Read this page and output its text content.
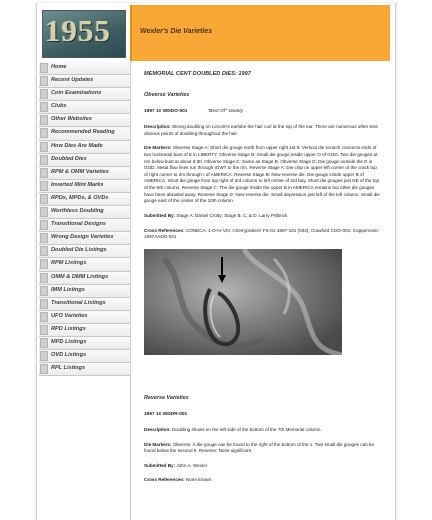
1955	Wexler's Die Varieties
Home
Recent Updates
Coin Examinations
Clubs
Other Websites
Recommended Reading
How Dies Are Made
Doubled Dies
RPM & OMM Varieties
Inverted Mint Marks
RPDs, MPDs, & OVDs
Worthless Doubling
Transitional Designs
Wrong Design Varieties
Doubled Die Listings
RPM Listings
OMM & DMM Listings
IMM Listings
Transitional Listings
UFO Varieties
RPD Listings
MPD Listings
OVD Listings
RPL Listings
MEMORIAL CENT DOUBLED DIES: 1997
Obverse Varieties
1997 1¢ WDDO-001	"Best Of" Variety
Description: Strong doubling on Lincoln's earlobe the hair curl at the top of the ear. There are numerous other less obvious points of doubling throughout the hair.
Die Markers: Obverse Stage A: Short die gouge north from upper right 1st 9. Vertical die scratch connects ends of two horizontal bars of E in LIBERTY. Obverse Stage B: Small die gouge inside upper O of GOD. Two die gouges at rim below bust at about 6:30. Obverse Stage C: Same as Stage B. Obverse Stage D: Die gouge outside the D in GOD. Metal flow lines run through IGWT to the rim. Reverse Stage A: Die chip on upper left corner of the crack top of right corner to rim through I of AMERICA. Reverse Stage B: New reverse die. Die gouge inside upper B of AMERICA. Short die gouge from top right of 3rd column to left center of 3rd bay. Short die gouges just NE of the top of the 6th column. Reverse Stage C: The die gouge inside the upper B in AMERICA remains but other die gouges have been abraded away. Reverse Stage D: New reverse die. Small depression just left of the left column. Small die gouge east of the center of the 10th column.
Submitted By: Stage A: Daniel Crotty; Stage B, C, & D: Larry Prilbrick
Cross References: CONECA: 1-O-IV-VIII; Cherrypickers' FS-01-1997-101 (032); Crawford CDO-001; Coppervonic 1997AADO-001
Reverse Varieties
1997 1¢ WDDR-001
Description: Doubling shows on the left side of the bottom of the 7th Memorial column.
Die Markers: Obverse: A die gouge can be found to the right of the bottom of the 1. Two small die gouges can be found below the second 9. Reverse: None significant.
Submitted By: John A. Wexler
Cross References: None known
